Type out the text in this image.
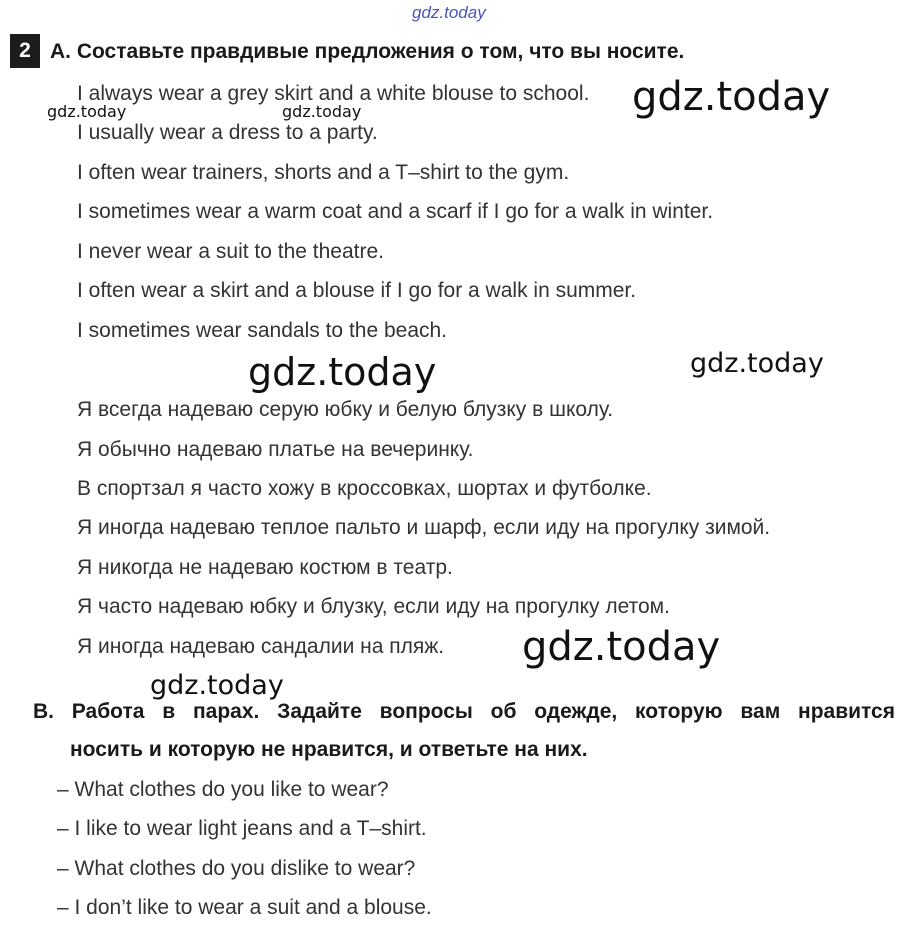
gdz.today
2 A. Составьте правдивые предложения о том, что вы носите.
I always wear a grey skirt and a white blouse to school.
I usually wear a dress to a party.
I often wear trainers, shorts and a T–shirt to the gym.
I sometimes wear a warm coat and a scarf if I go for a walk in winter.
I never wear a suit to the theatre.
I often wear a skirt and a blouse if I go for a walk in summer.
I sometimes wear sandals to the beach.
gdz.today
gdz.today	gdz.today
gdz.today	gdz.today
Я всегда надеваю серую юбку и белую блузку в школу.
Я обычно надеваю платье на вечеринку.
В спортзал я часто хожу в кроссовках, шортах и футболке.
Я иногда надеваю теплое пальто и шарф, если иду на прогулку зимой.
Я никогда не надеваю костюм в театр.
Я часто надеваю юбку и блузку, если иду на прогулку летом.
Я иногда надеваю сандалии на пляж. gdz.today
gdz.today
B. Работа в парах. Задайте вопросы об одежде, которую вам нравится
носить и которую не нравится, и ответьте на них.
– What clothes do you like to wear?
– I like to wear light jeans and a T–shirt.
– What clothes do you dislike to wear?
– I don’t like to wear a suit and a blouse.
